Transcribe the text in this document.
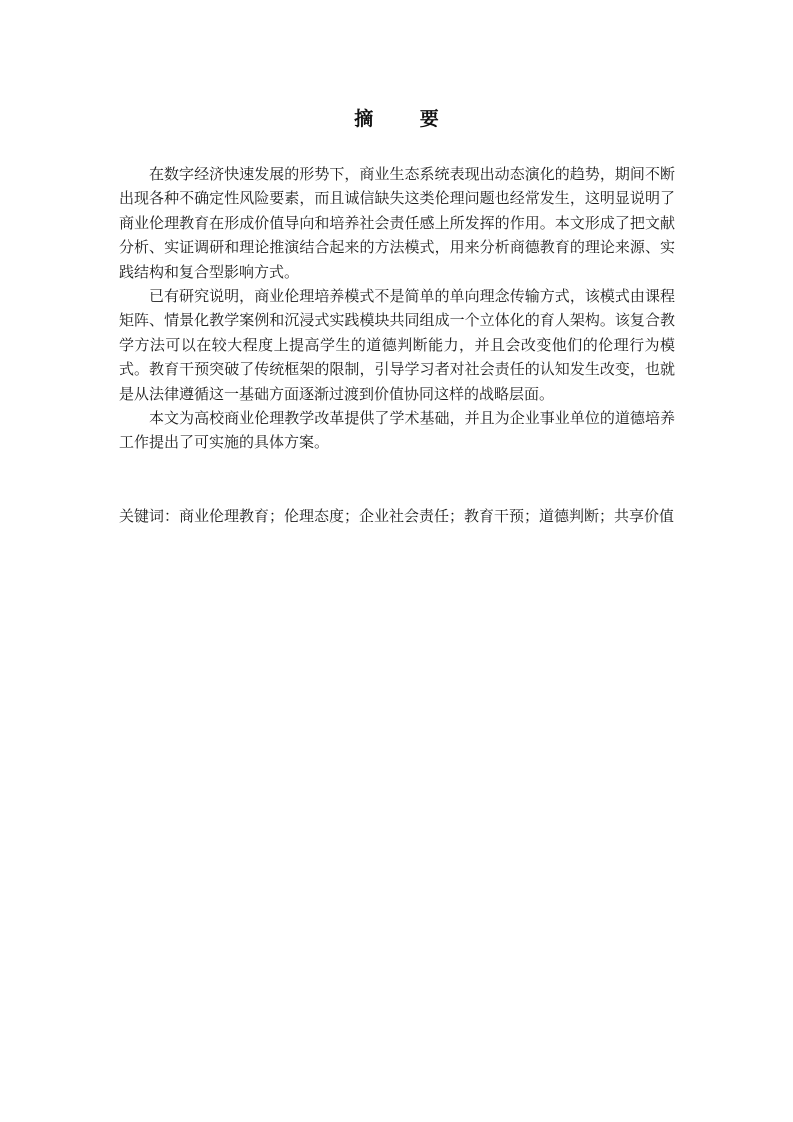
摘 要

在数字经济快速发展的形势下，商业生态系统表现出动态演化的趋势，期间不断出现各种不确定性风险要素，而且诚信缺失这类伦理问题也经常发生，这明显说明了商业伦理教育在形成价值导向和培养社会责任感上所发挥的作用。本文形成了把文献分析、实证调研和理论推演结合起来的方法模式，用来分析商德教育的理论来源、实践结构和复合型影响方式。

已有研究说明，商业伦理培养模式不是简单的单向理念传输方式，该模式由课程矩阵、情景化教学案例和沉浸式实践模块共同组成一个立体化的育人架构。该复合教学方法可以在较大程度上提高学生的道德判断能力，并且会改变他们的伦理行为模式。教育干预突破了传统框架的限制，引导学习者对社会责任的认知发生改变，也就是从法律遵循这一基础方面逐渐过渡到价值协同这样的战略层面。

本文为高校商业伦理教学改革提供了学术基础，并且为企业事业单位的道德培养工作提出了可实施的具体方案。

关键词：商业伦理教育；伦理态度；企业社会责任；教育干预；道德判断；共享价值
